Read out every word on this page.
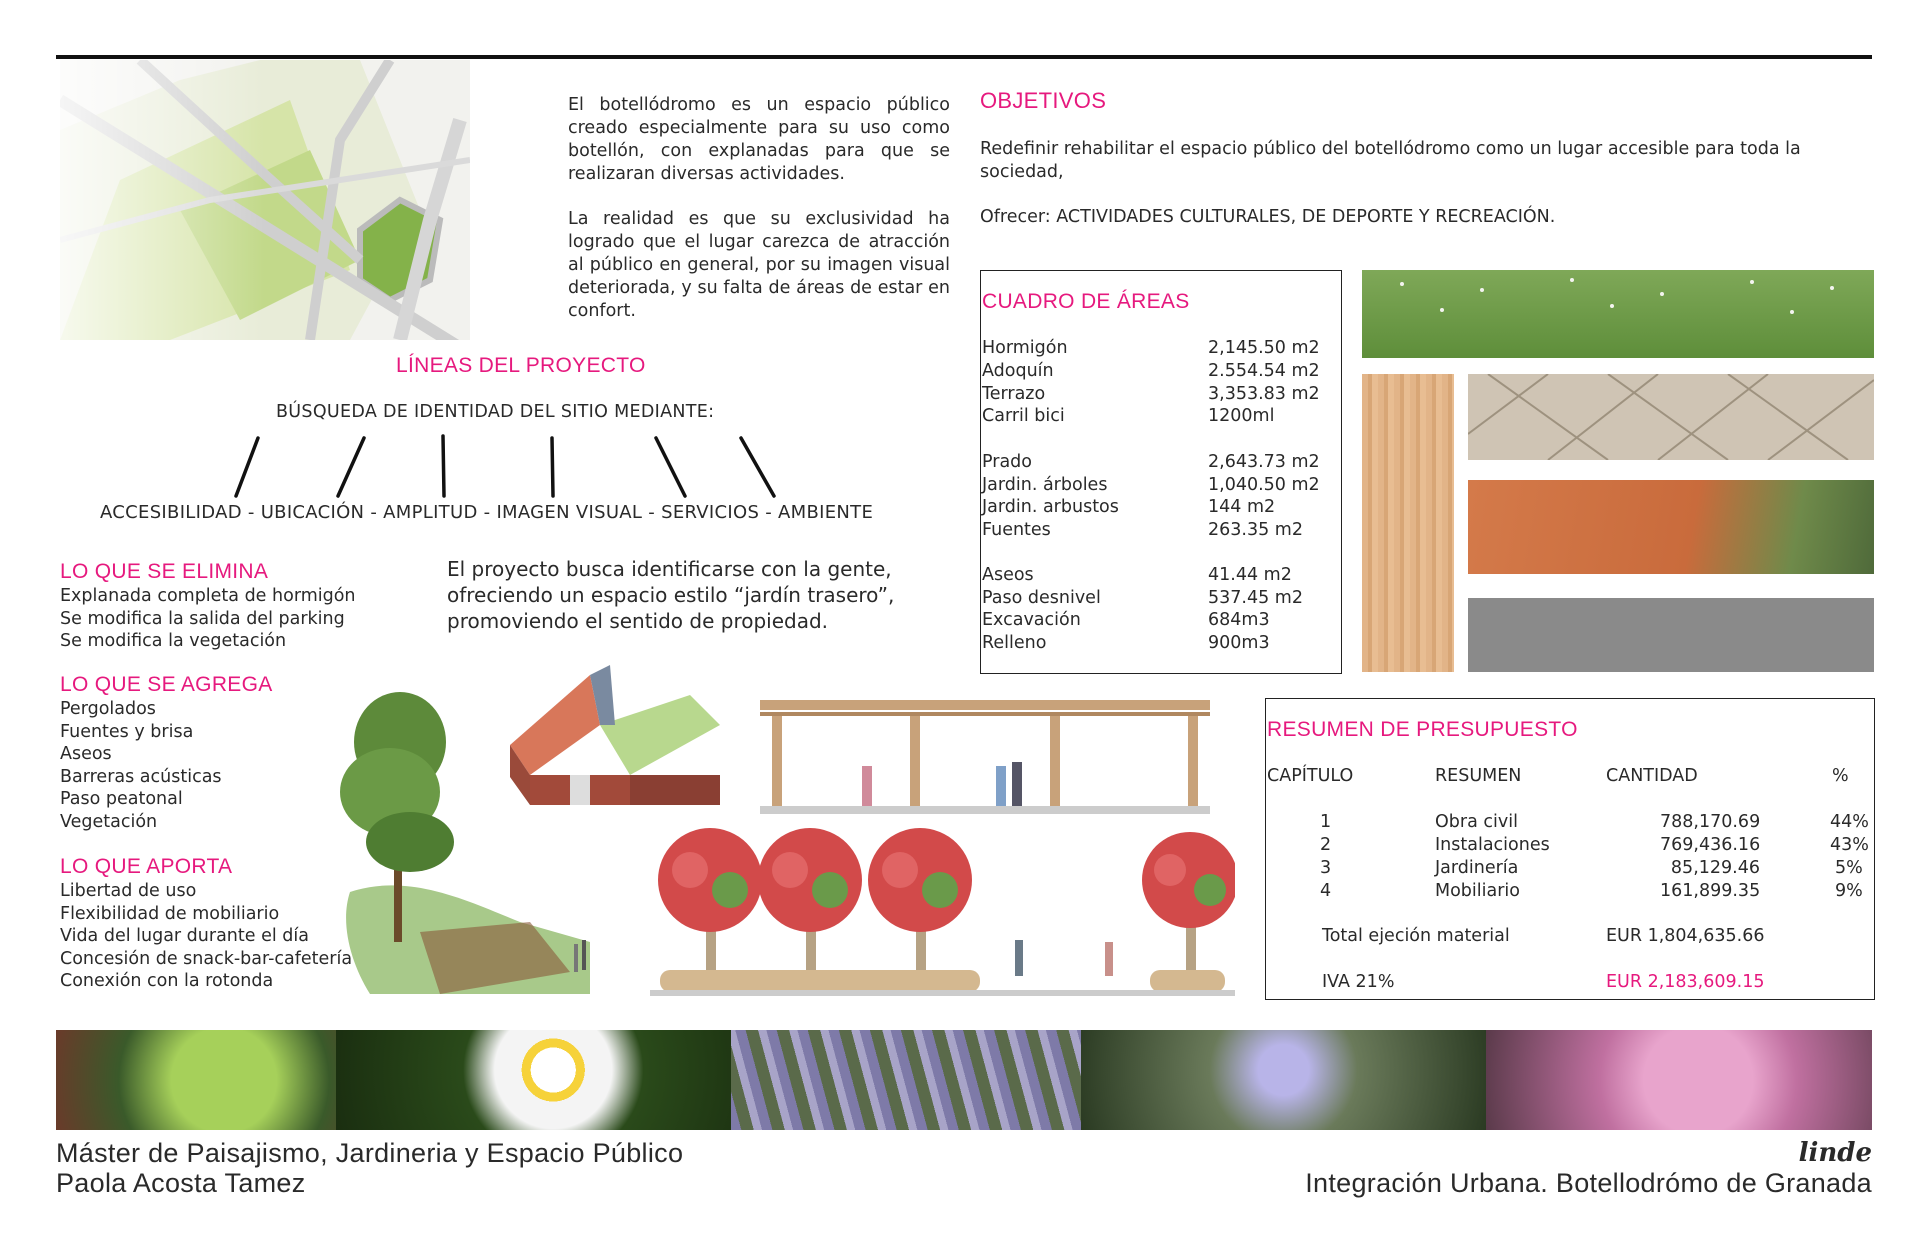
El botellódromo es un espacio público creado especialmente para su uso como botellón, con explanadas para que se realizaran diversas actividades.

La realidad es que su exclusividad ha logrado que el lugar carezca de atracción al público en general, por su imagen visual deteriorada, y su falta de áreas de estar en confort.

OBJETIVOS

Redefinir rehabilitar el espacio público del botellódromo como un lugar accesible para toda la sociedad,

Ofrecer: ACTIVIDADES CULTURALES, DE DEPORTE Y RECREACIÓN.

LÍNEAS DEL PROYECTO
BÚSQUEDA DE IDENTIDAD DEL SITIO MEDIANTE:
ACCESIBILIDAD - UBICACIÓN - AMPLITUD - IMAGEN VISUAL - SERVICIOS - AMBIENTE
LO QUE SE ELIMINA
Explanada completa de hormigón
Se modifica la salida del parking
Se modifica la vegetación
El proyecto busca identificarse con la gente, ofreciendo un espacio estilo “jardín trasero”, promoviendo el sentido de propiedad.
LO QUE SE AGREGA
Pergolados
Fuentes y brisa
Aseos
Barreras acústicas
Paso peatonal
Vegetación
LO QUE APORTA
Libertad de uso
Flexibilidad de mobiliario
Vida del lugar durante el día
Concesión de snack-bar-cafetería
Conexión con la rotonda
CUADRO DE ÁREAS
Hormigón	2,145.50 m2
Adoquín	2.554.54 m2
Terrazo	3,353.83 m2
Carril bici	1200ml
Prado	2,643.73 m2
Jardin. árboles	1,040.50 m2
Jardin. arbustos	144 m2
Fuentes	263.35 m2
Aseos	41.44 m2
Paso desnivel	537.45 m2
Excavación	684m3
Relleno	900m3
RESUMEN DE PRESUPUESTO
CAPÍTULO	RESUMEN	CANTIDAD	%
1	Obra civil	788,170.69	44%
2	Instalaciones	769,436.16	43%
3	Jardinería	85,129.46	5%
4	Mobiliario	161,899.35	9%
Total ejeción material	EUR 1,804,635.66
IVA 21%	EUR 2,183,609.15
Máster de Paisajismo, Jardineria y Espacio Público
Paola Acosta Tamez
linde
Integración Urbana. Botellodrómo de Granada
